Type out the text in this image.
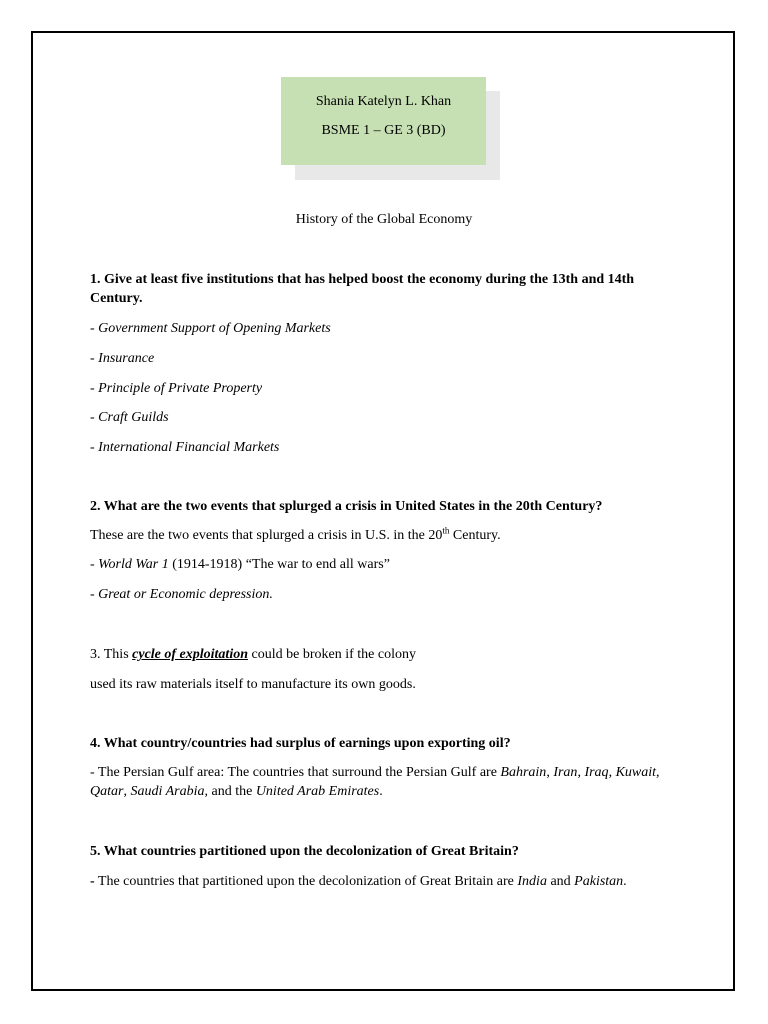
Shania Katelyn L. Khan
BSME 1 – GE 3 (BD)
History of the Global Economy
1. Give at least five institutions that has helped boost the economy during the 13th and 14th Century.
- Government Support of Opening Markets
- Insurance
- Principle of Private Property
- Craft Guilds
- International Financial Markets
2. What are the two events that splurged a crisis in United States in the 20th Century?
These are the two events that splurged a crisis in U.S. in the 20th Century.
- World War 1 (1914-1918) “The war to end all wars”
- Great or Economic depression.
3. This cycle of exploitation could be broken if the colony
used its raw materials itself to manufacture its own goods.
4. What country/countries had surplus of earnings upon exporting oil?
- The Persian Gulf area: The countries that surround the Persian Gulf are Bahrain, Iran, Iraq, Kuwait, Qatar, Saudi Arabia, and the United Arab Emirates.
5. What countries partitioned upon the decolonization of Great Britain?
- The countries that partitioned upon the decolonization of Great Britain are India and Pakistan.
